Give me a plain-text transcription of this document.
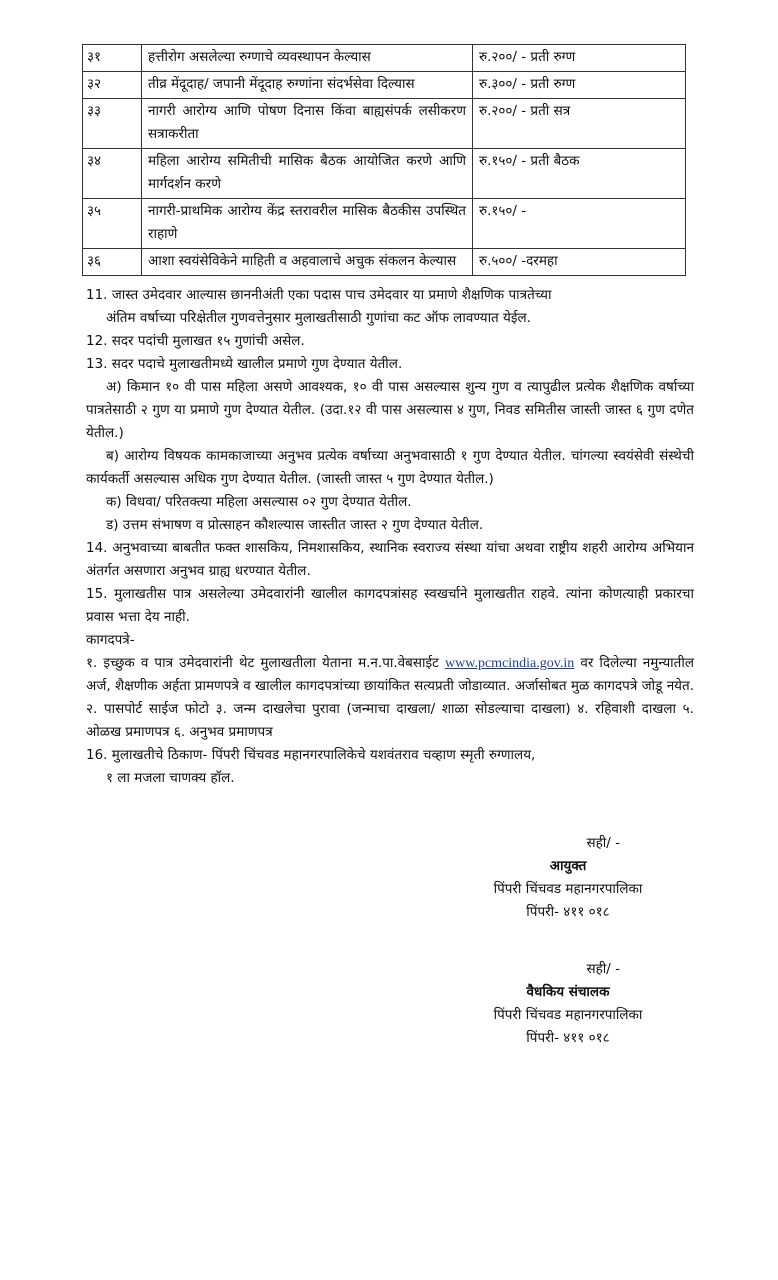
३१	हत्तीरोग असलेल्या रुग्णाचे व्यवस्थापन केल्यास	रु.२००/ - प्रती रुग्ण
३२	तीव्र मेंदूदाह/ जपानी मेंदूदाह रुग्णांना संदर्भसेवा दिल्यास	रु.३००/ - प्रती रुग्ण
३३	नागरी आरोग्य आणि पोषण दिनास किंवा बाह्यसंपर्क लसीकरण सत्राकरीता	रु.२००/ - प्रती सत्र
३४	महिला आरोग्य समितीची मासिक बैठक आयोजित करणे आणि मार्गदर्शन करणे	रु.१५०/ - प्रती बैठक
३५	नागरी-प्राथमिक आरोग्य केंद्र स्तरावरील मासिक बैठकीस उपस्थित राहाणे	रु.१५०/ -
३६	आशा स्वयंसेविकेने माहिती व अहवालाचे अचुक संकलन केल्यास	रु.५००/ -दरमहा

11. जास्त उमेदवार आल्यास छाननीअंती एका पदास पाच उमेदवार या प्रमाणे शैक्षणिक पात्रतेच्या

अंतिम वर्षाच्या परिक्षेतील गुणवत्तेनुसार मुलाखतीसाठी गुणांचा कट ऑफ लावण्यात येईल.

12. सदर पदांची मुलाखत १५ गुणांची असेल.

13. सदर पदाचे मुलाखतीमध्ये खालील प्रमाणे गुण देण्यात येतील.

अ) किमान १० वी पास महिला असणे आवश्यक, १० वी पास असल्यास शुन्य गुण व त्यापुढील प्रत्येक शैक्षणिक वर्षाच्या पात्रतेसाठी २ गुण या प्रमाणे गुण देण्यात येतील. (उदा.१२ वी पास असल्यास ४ गुण, निवड समितीस जास्ती जास्त ६ गुण दणेत येतील.)

ब) आरोग्य विषयक कामकाजाच्या अनुभव प्रत्येक वर्षाच्या अनुभवासाठी १ गुण देण्यात येतील. चांगल्या स्वयंसेवी संस्थेची कार्यकर्ती असल्यास अधिक गुण देण्यात येतील. (जास्ती जास्त ५ गुण देण्यात येतील.)

क) विधवा/ परितक्त्या महिला असल्यास ०२ गुण देण्यात येतील.

ड) उत्तम संभाषण व प्रोत्साहन कौशल्यास जास्तीत जास्त २ गुण देण्यात येतील.

14. अनुभवाच्या बाबतीत फक्त शासकिय, निमशासकिय, स्थानिक स्वराज्य संस्था यांचा अथवा राष्ट्रीय शहरी आरोग्य अभियान अंतर्गत असणारा अनुभव ग्राह्य धरण्यात येतील.

15. मुलाखतीस पात्र असलेल्या उमेदवारांनी खालील कागदपत्रांसह स्वखर्चाने मुलाखतीत राहवे. त्यांना कोणत्याही प्रकारचा प्रवास भत्ता देय नाही.

कागदपत्रे-

१. इच्छुक व पात्र उमेदवारांनी थेट मुलाखतीला येताना म.न.पा.वेबसाईट www.pcmcindia.gov.in वर दिलेल्या नमुन्यातील अर्ज, शैक्षणीक अर्हता प्रामणपत्रे व खालील कागदपत्रांच्या छायांकित सत्यप्रती जोडाव्यात. अर्जासोबत मुळ कागदपत्रे जोडू नयेत. २. पासपोर्ट साईज फोटो ३. जन्म दाखलेचा पुरावा (जन्माचा दाखला/ शाळा सोडल्याचा दाखला) ४. रहिवाशी दाखला ५. ओळख प्रमाणपत्र ६. अनुभव प्रमाणपत्र

16. मुलाखतीचे ठिकाण- पिंपरी चिंचवड महानगरपालिकेचे यशवंतराव चव्हाण स्मृती रुग्णालय,

१ ला मजला चाणक्य हॉल.

सही/ -
आयुक्त
पिंपरी चिंचवड महानगरपालिका
पिंपरी- ४११ ०१८
सही/ -
वैधकिय संचालक
पिंपरी चिंचवड महानगरपालिका
पिंपरी- ४११ ०१८
